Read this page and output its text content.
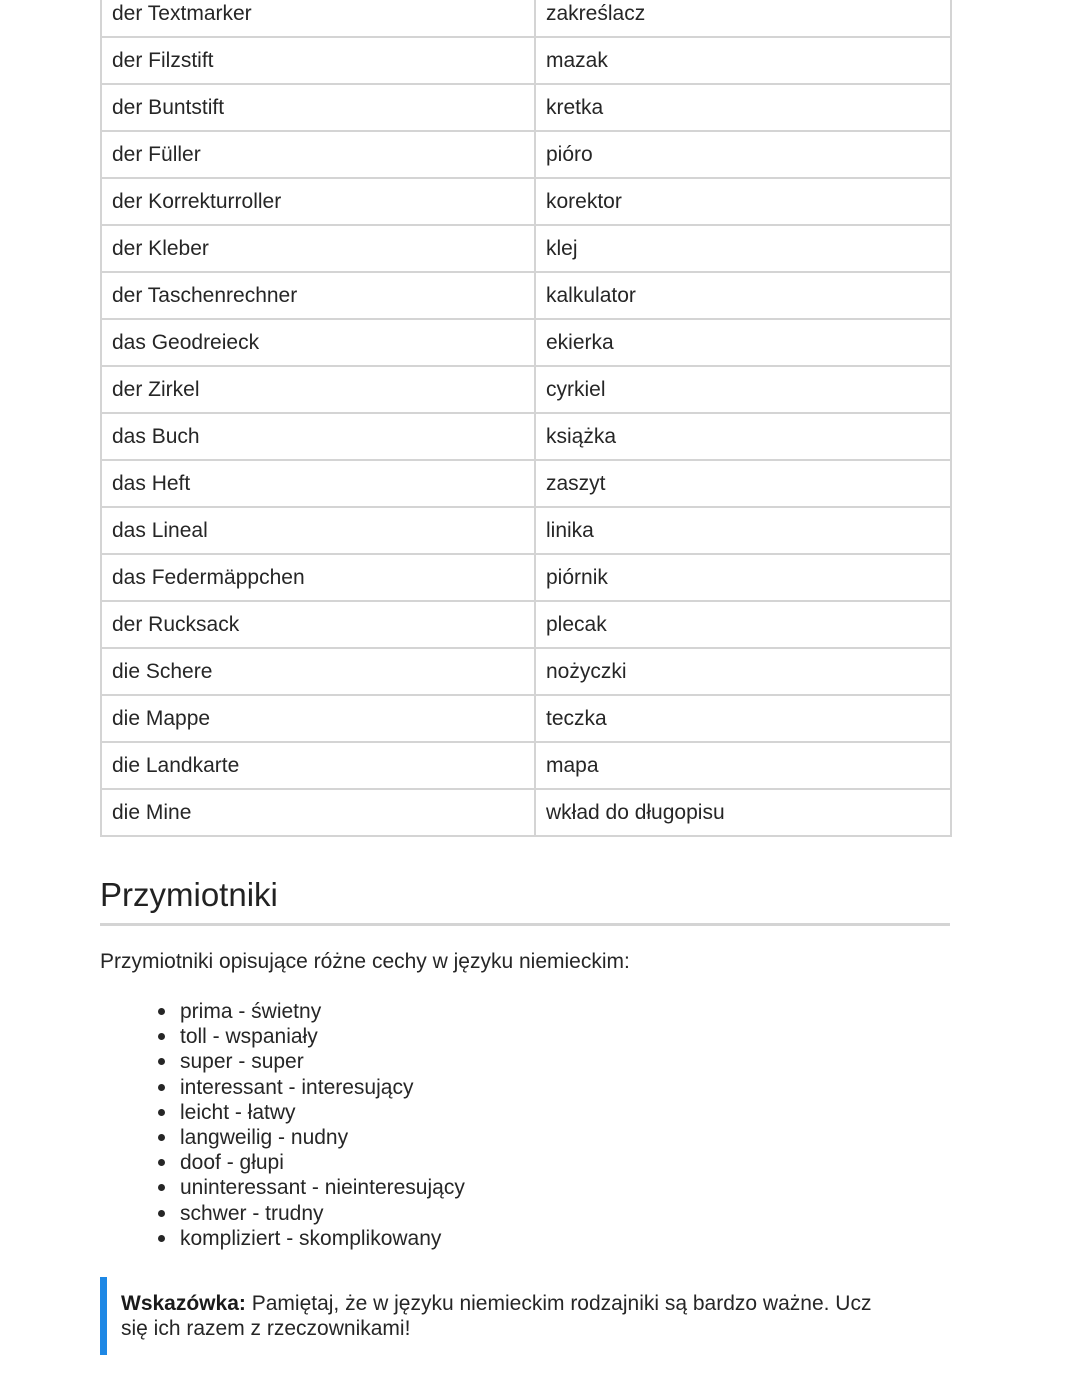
der Textmarker	zakreślacz
der Filzstift	mazak
der Buntstift	kretka
der Füller	pióro
der Korrekturroller	korektor
der Kleber	klej
der Taschenrechner	kalkulator
das Geodreieck	ekierka
der Zirkel	cyrkiel
das Buch	książka
das Heft	zaszyt
das Lineal	linika
das Federmäppchen	piórnik
der Rucksack	plecak
die Schere	nożyczki
die Mappe	teczka
die Landkarte	mapa
die Mine	wkład do długopisu
Przymiotniki

Przymiotniki opisujące różne cechy w języku niemieckim:

prima - świetny
toll - wspaniały
super - super
interessant - interesujący
leicht - łatwy
langweilig - nudny
doof - głupi
uninteressant - nieinteresujący
schwer - trudny
kompliziert - skomplikowany
Wskazówka: Pamiętaj, że w języku niemieckim rodzajniki są bardzo ważne. Ucz się ich razem z rzeczownikami!
